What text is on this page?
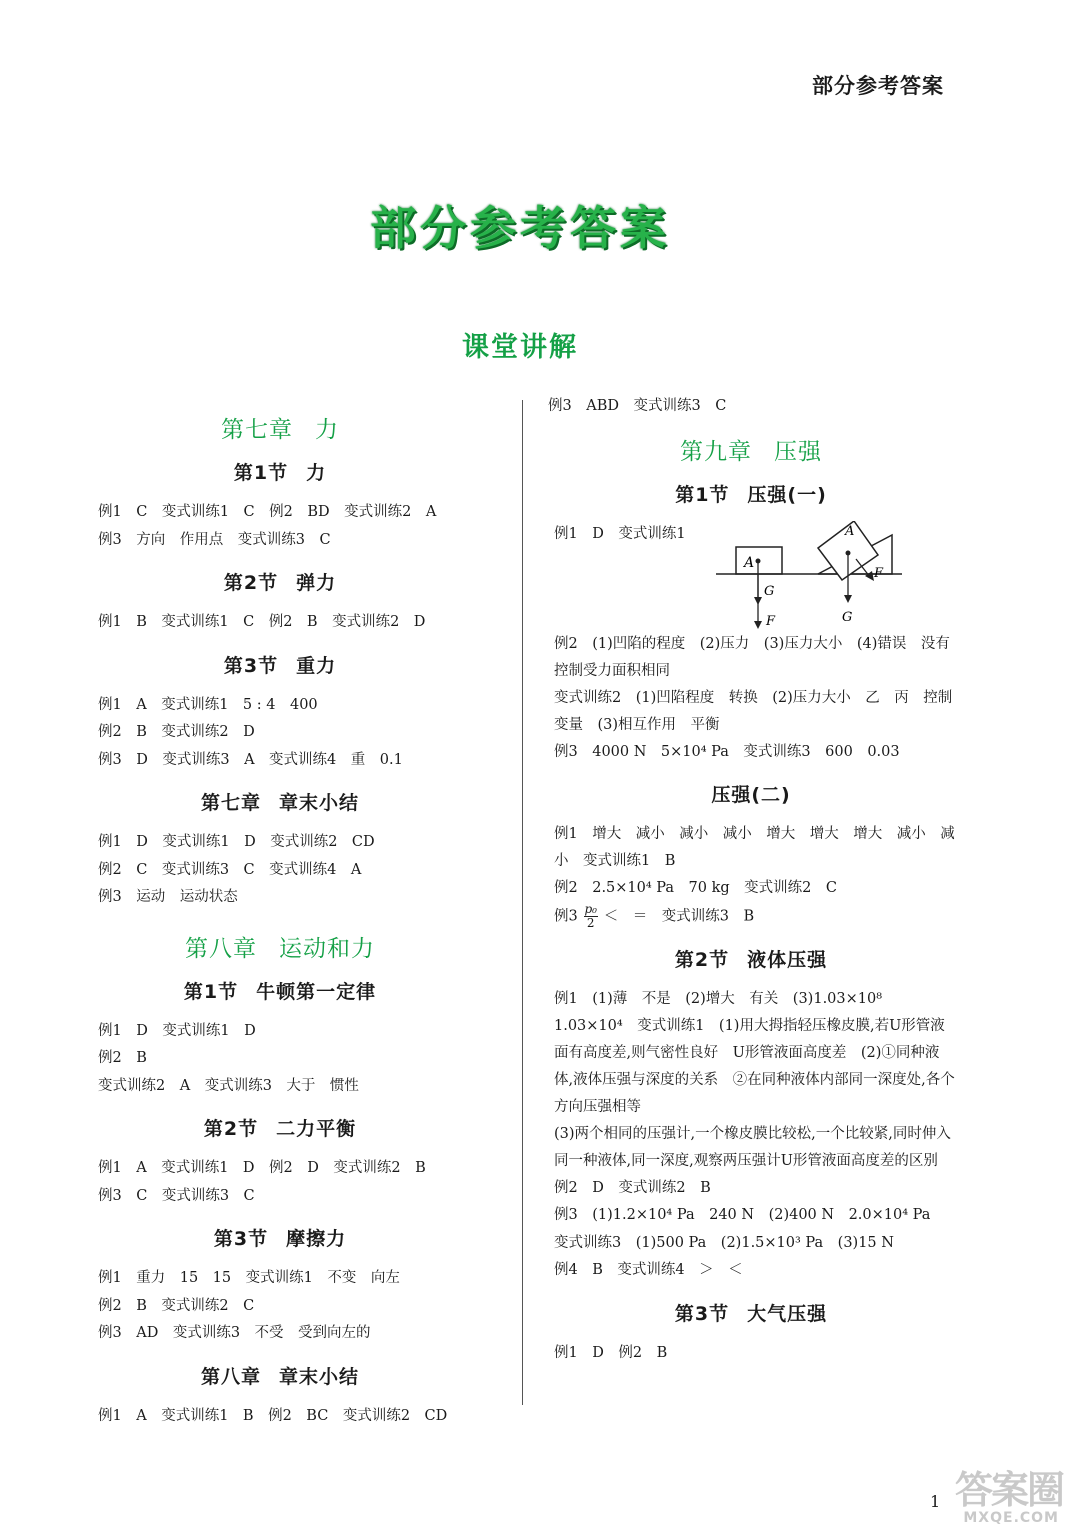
部分参考答案
部分参考答案
课堂讲解
第七章 力
第1节 力
例1　C　变式训练1　C　例2　BD　变式训练2　A
例3　方向　作用点　变式训练3　C
第2节 弹力
例1　B　变式训练1　C　例2　B　变式训练2　D
第3节 重力
例1　A　变式训练1　5 : 4　400
例2　B　变式训练2　D
例3　D　变式训练3　A　变式训练4　重　0.1
第七章 章末小结
例1　D　变式训练1　D　变式训练2　CD
例2　C　变式训练3　C　变式训练4　A
例3　运动　运动状态
第八章 运动和力
第1节 牛顿第一定律
例1　D　变式训练1　D
例2　B
变式训练2　A　变式训练3　大于　惯性
第2节 二力平衡
例1　A　变式训练1　D　例2　D　变式训练2　B
例3　C　变式训练3　C
第3节 摩擦力
例1　重力　15　15　变式训练1　不变　向左
例2　B　变式训练2　C
例3　AD　变式训练3　不受　受到向左的
第八章 章末小结
例1　A　变式训练1　B　例2　BC　变式训练2　CD
例3　ABD　变式训练3　C
第九章 压强
第1节 压强(一)
例1　D　变式训练1
A
G
F
A
G
F
例2　(1)凹陷的程度　(2)压力　(3)压力大小　(4)错误　没有控制受力面积相同
变式训练2　(1)凹陷程度　转换　(2)压力大小　乙　丙　控制变量　(3)相互作用　平衡
例3　4000 N　5×10⁴ Pa　变式训练3　600　0.03
压强(二)
例1　增大　减小　减小　减小　增大　增大　增大　减小　减小　变式训练1　B
例2　2.5×10⁴ Pa　70 kg　变式训练2　C
例$3 \frac{\text{p₀}}{2}$ ＜　＝　变式训练3　B
第2节 液体压强
例1　(1)薄　不是　(2)增大　有关　(3)1.03×10⁸　1.03×10⁴　变式训练1　(1)用大拇指轻压橡皮膜,若U形管液面有高度差,则气密性良好　U形管液面高度差　(2)①同种液体,液体压强与深度的关系　②在同种液体内部同一深度处,各个方向压强相等
(3)两个相同的压强计,一个橡皮膜比较松,一个比较紧,同时伸入同一种液体,同一深度,观察两压强计U形管液面高度差的区别
例2　D　变式训练2　B
例3　(1)1.2×10⁴ Pa　240 N　(2)400 N　2.0×10⁴ Pa
变式训练3　(1)500 Pa　(2)1.5×10³ Pa　(3)15 N
例4　B　变式训练4　＞　＜
第3节 大气压强
例1　D　例2　B
1 答案圈
MXQE.COM
